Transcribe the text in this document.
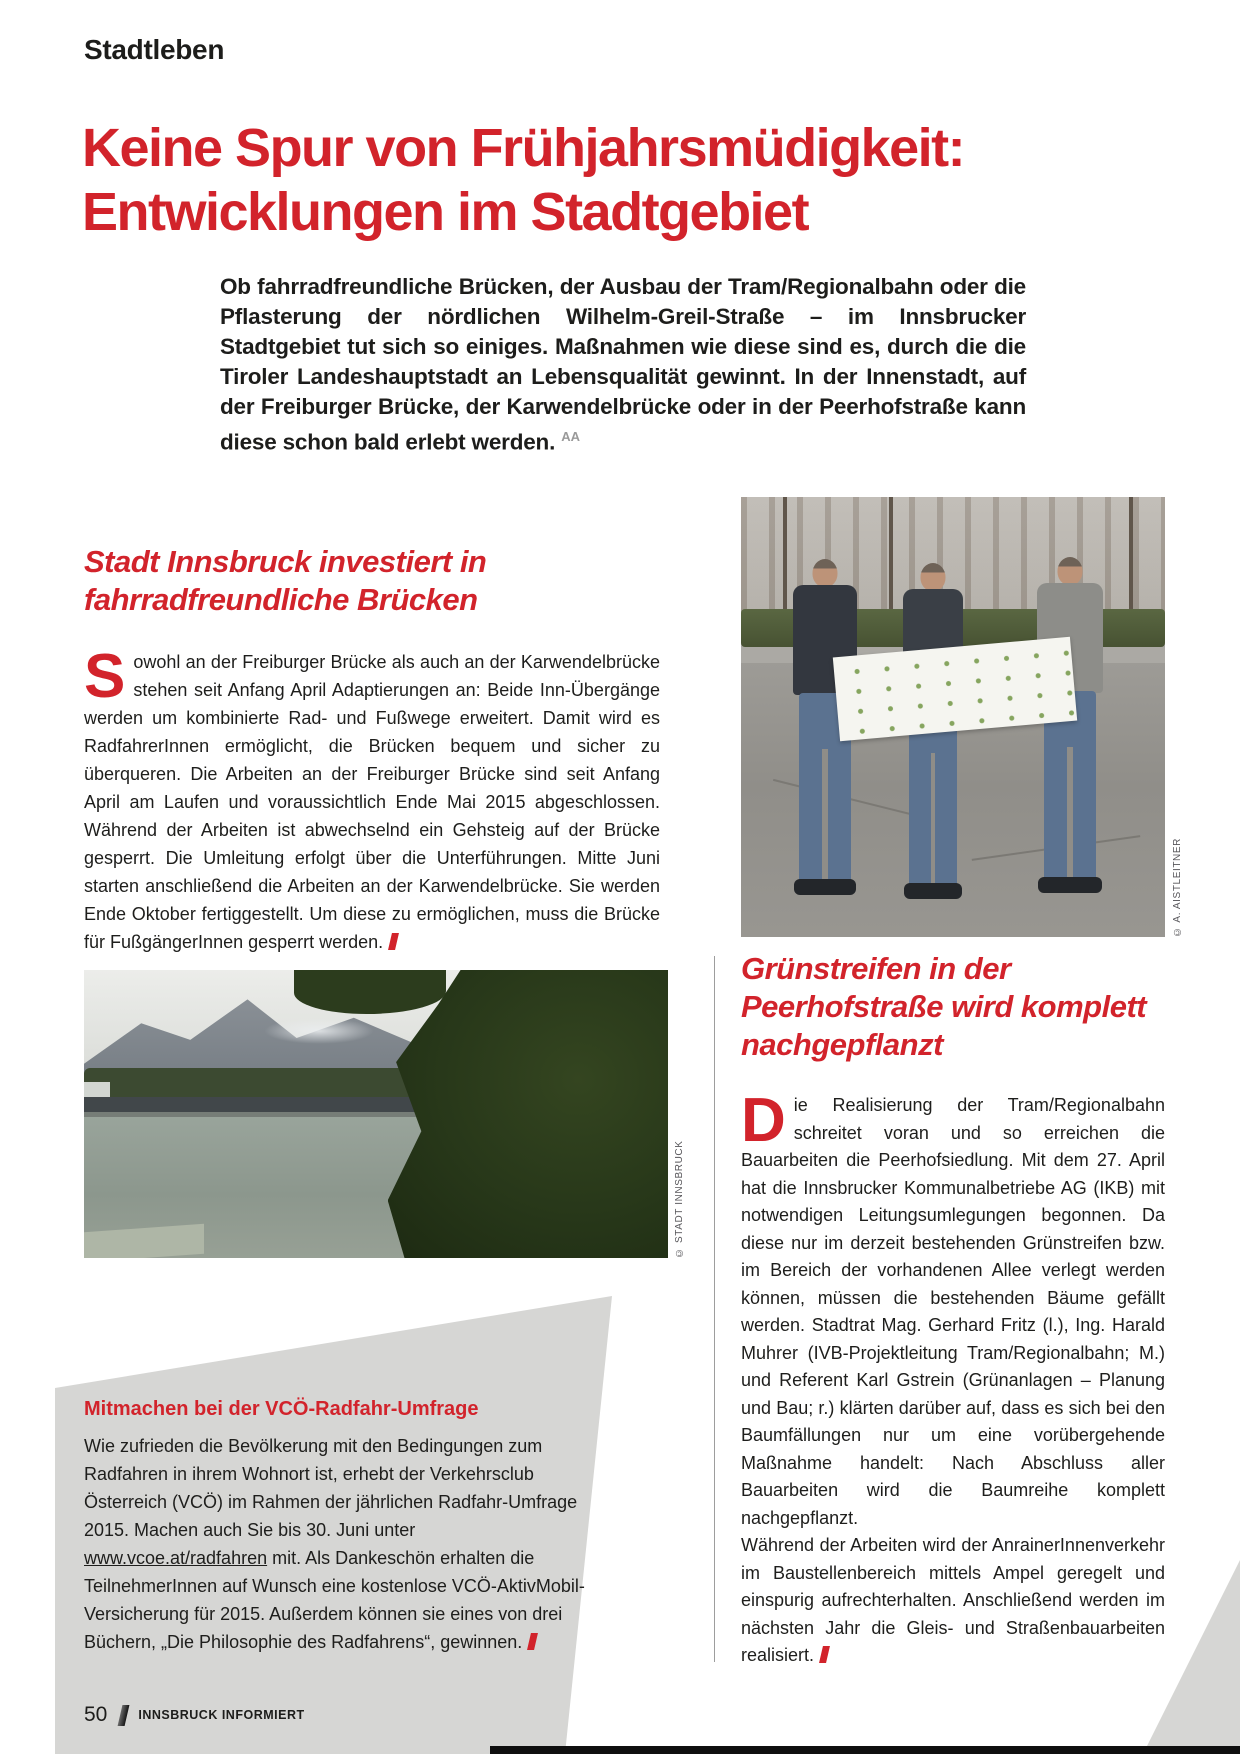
Stadtleben
Keine Spur von Frühjahrsmüdigkeit:
Entwicklungen im Stadtgebiet
Ob fahrradfreundliche Brücken, der Ausbau der Tram/Regionalbahn oder die Pflasterung der nördlichen Wilhelm-Greil-Straße – im Innsbrucker Stadtgebiet tut sich so einiges. Maßnahmen wie diese sind es, durch die die Tiroler Landeshauptstadt an Lebensqualität gewinnt. In der Innenstadt, auf der Freiburger Brücke, der Karwendelbrücke oder in der Peerhofstraße kann diese schon bald erlebt werden. $^{AA}$
Stadt Innsbruck investiert in fahrradfreundliche Brücken
Sowohl an der Freiburger Brücke als auch an der Karwendelbrücke stehen seit Anfang April Adaptierungen an: Beide Inn-Übergänge werden um kombinierte Rad- und Fußwege erweitert. Damit wird es RadfahrerInnen ermöglicht, die Brücken bequem und sicher zu überqueren. Die Arbeiten an der Freiburger Brücke sind seit Anfang April am Laufen und voraussichtlich Ende Mai 2015 abgeschlossen. Während der Arbeiten ist abwechselnd ein Gehsteig auf der Brücke gesperrt. Die Umleitung erfolgt über die Unterführungen. Mitte Juni starten anschließend die Arbeiten an der Karwendelbrücke. Sie werden Ende Oktober fertiggestellt. Um diese zu ermöglichen, muss die Brücke für FußgängerInnen gesperrt werden.
© STADT INNSBRUCK
© A. AISTLEITNER
Grünstreifen in der
Peerhofstraße wird komplett
nachgepflanzt

Die Realisierung der Tram/Regionalbahn schreitet voran und so erreichen die Bauarbeiten die Peerhofsiedlung. Mit dem 27. April hat die Innsbrucker Kommunalbetriebe AG (IKB) mit notwendigen Leitungsumlegungen begonnen. Da diese nur im derzeit bestehenden Grünstreifen bzw. im Bereich der vorhandenen Allee verlegt werden können, müssen die bestehenden Bäume gefällt werden. Stadtrat Mag. Gerhard Fritz (l.), Ing. Harald Muhrer (IVB-Projektleitung Tram/Regionalbahn; M.) und Referent Karl Gstrein (Grünanlagen – Planung und Bau; r.) klärten darüber auf, dass es sich bei den Baumfällungen nur um eine vorübergehende Maßnahme handelt: Nach Abschluss aller Bauarbeiten wird die Baumreihe komplett nachgepflanzt.

Während der Arbeiten wird der AnrainerInnenverkehr im Baustellenbereich mittels Ampel geregelt und einspurig aufrechterhalten. Anschließend werden im nächsten Jahr die Gleis- und Straßenbauarbeiten realisiert.

Mitmachen bei der VCÖ-Radfahr-Umfrage
Wie zufrieden die Bevölkerung mit den Bedingungen zum Radfahren in ihrem Wohnort ist, erhebt der Verkehrsclub Österreich (VCÖ) im Rahmen der jährlichen Radfahr-Umfrage 2015. Machen auch Sie bis 30. Juni unter www.vcoe.at/radfahren mit. Als Dankeschön erhalten die TeilnehmerInnen auf Wunsch eine kostenlose VCÖ-AktivMobil-Versicherung für 2015. Außerdem können sie eines von drei Büchern, „Die Philosophie des Radfahrens“, gewinnen.
50 INNSBRUCK INFORMIERT
